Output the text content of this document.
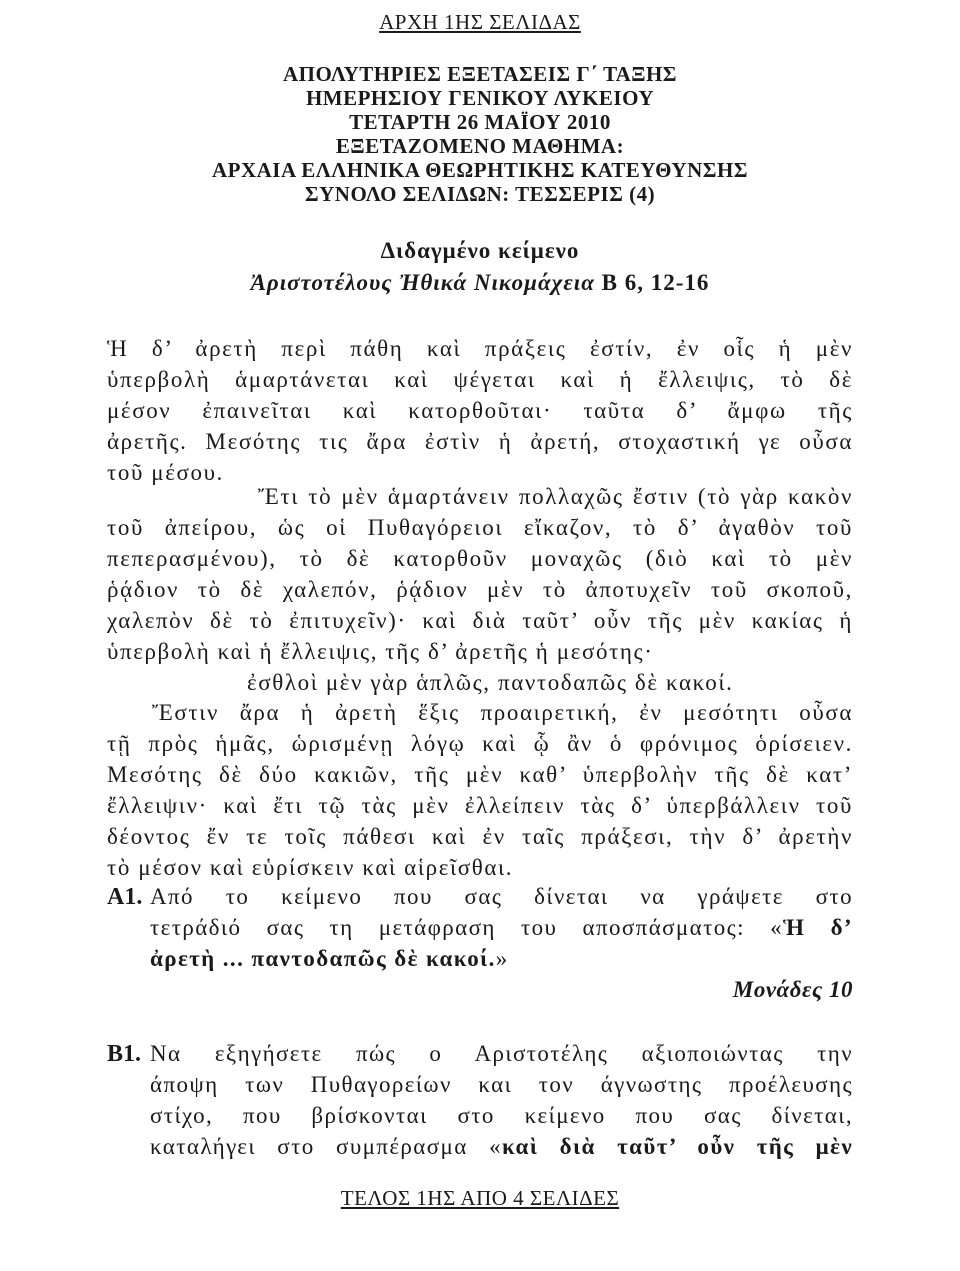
ΑΡΧΗ 1ΗΣ ΣΕΛΙΔΑΣ
ΑΠΟΛΥΤΗΡΙΕΣ ΕΞΕΤΑΣΕΙΣ Γ΄ ΤΑΞΗΣ
ΗΜΕΡΗΣΙΟΥ ΓΕΝΙΚΟΥ ΛΥΚΕΙΟΥ
ΤΕΤΑΡΤΗ 26 ΜΑΪΟΥ 2010
ΕΞΕΤΑΖΟΜΕΝΟ ΜΑΘΗΜΑ:
ΑΡΧΑΙΑ ΕΛΛΗΝΙΚΑ ΘΕΩΡΗΤΙΚΗΣ ΚΑΤΕΥΘΥΝΣΗΣ
ΣΥΝΟΛΟ ΣΕΛΙΔΩΝ: ΤΕΣΣΕΡΙΣ (4)
Διδαγμένο κείμενο
Ἀριστοτέλους Ἠθικά Νικομάχεια Β 6, 12-16
Ἡ δ’ ἀρετὴ περὶ πάθη καὶ πράξεις ἐστίν, ἐν οἷς ἡ μὲν
ὑπερβολὴ ἁμαρτάνεται καὶ ψέγεται καὶ ἡ ἔλλειψις, τὸ δὲ
μέσον ἐπαινεῖται καὶ κατορθοῦται· ταῦτα δ’ ἄμφω τῆς
ἀρετῆς. Μεσότης τις ἄρα ἐστὶν ἡ ἀρετή, στοχαστική γε οὖσα
τοῦ μέσου.
Ἔτι τὸ μὲν ἁμαρτάνειν πολλαχῶς ἔστιν (τὸ γὰρ κακὸν
τοῦ ἀπείρου, ὡς οἱ Πυθαγόρειοι εἴκαζον, τὸ δ’ ἀγαθὸν τοῦ
πεπερασμένου), τὸ δὲ κατορθοῦν μοναχῶς (διὸ καὶ τὸ μὲν
ῥᾴδιον τὸ δὲ χαλεπόν, ῥᾴδιον μὲν τὸ ἀποτυχεῖν τοῦ σκοποῦ,
χαλεπὸν δὲ τὸ ἐπιτυχεῖν)· καὶ διὰ ταῦτ’ οὖν τῆς μὲν κακίας ἡ
ὑπερβολὴ καὶ ἡ ἔλλειψις, τῆς δ’ ἀρετῆς ἡ μεσότης·
ἐσθλοὶ μὲν γὰρ ἁπλῶς, παντοδαπῶς δὲ κακοί.
Ἔστιν ἄρα ἡ ἀρετὴ ἕξις προαιρετική, ἐν μεσότητι οὖσα
τῇ πρὸς ἡμᾶς, ὡρισμένῃ λόγῳ καὶ ᾧ ἂν ὁ φρόνιμος ὁρίσειεν.
Μεσότης δὲ δύο κακιῶν, τῆς μὲν καθ’ ὑπερβολὴν τῆς δὲ κατ’
ἔλλειψιν· καὶ ἔτι τῷ τὰς μὲν ἐλλείπειν τὰς δ’ ὑπερβάλλειν τοῦ
δέοντος ἔν τε τοῖς πάθεσι καὶ ἐν ταῖς πράξεσι, τὴν δ’ ἀρετὴν
τὸ μέσον καὶ εὑρίσκειν καὶ αἱρεῖσθαι.
Α1. Από το κείμενο που σας δίνεται να γράψετε στο
τετράδιό σας τη μετάφραση του αποσπάσματος: «Ἡ δ’
ἀρετὴ ... παντοδαπῶς δὲ κακοί.»
Μονάδες 10
Β1. Να εξηγήσετε πώς ο Αριστοτέλης αξιοποιώντας την
άποψη των Πυθαγορείων και τον άγνωστης προέλευσης
στίχο, που βρίσκονται στο κείμενο που σας δίνεται,
καταλήγει στο συμπέρασμα «καὶ διὰ ταῦτ’ οὖν τῆς μὲν
ΤΕΛΟΣ 1ΗΣ ΑΠΟ 4 ΣΕΛΙΔΕΣ
